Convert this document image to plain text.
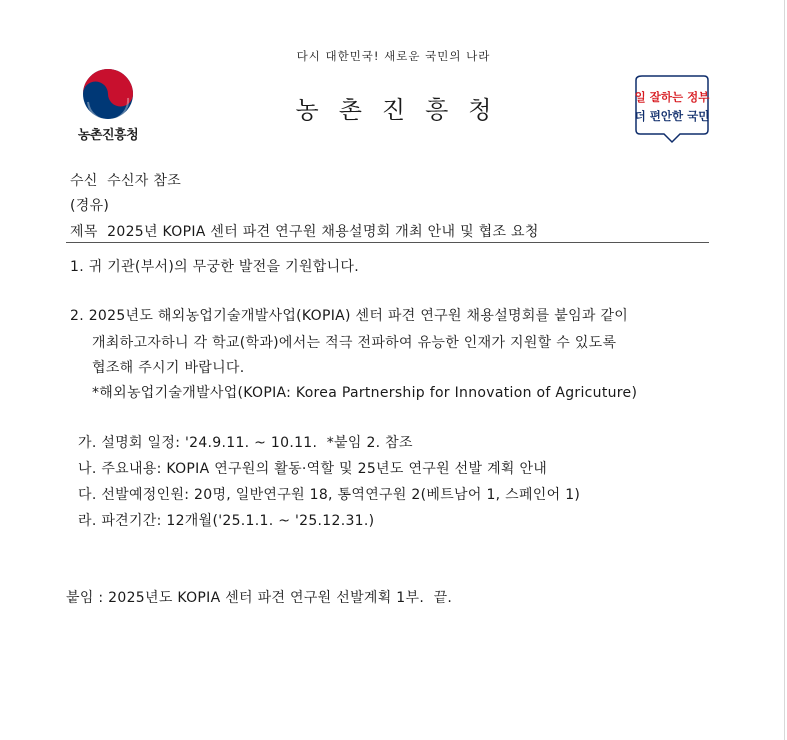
다시 대한민국! 새로운 국민의 나라
농촌진흥청
농 촌 진 흥 청	일 잘하는 정부
더 편안한 국민
수신  수신자 참조
(경유)
제목  2025년 KOPIA 센터 파견 연구원 채용설명회 개최 안내 및 협조 요청
1. 귀 기관(부서)의 무궁한 발전을 기원합니다.
2. 2025년도 해외농업기술개발사업(KOPIA) 센터 파견 연구원 채용설명회를 붙임과 같이
개최하고자하니 각 학교(학과)에서는 적극 전파하여 유능한 인재가 지원할 수 있도록
협조해 주시기 바랍니다.
*해외농업기술개발사업(KOPIA: Korea Partnership for Innovation of Agricuture)
가. 설명회 일정: '24.9.11. ~ 10.11.  *붙임 2. 참조
나. 주요내용: KOPIA 연구원의 활동·역할 및 25년도 연구원 선발 계획 안내
다. 선발예정인원: 20명, 일반연구원 18, 통역연구원 2(베트남어 1, 스페인어 1)
라. 파견기간: 12개월('25.1.1. ~ '25.12.31.)
붙임 : 2025년도 KOPIA 센터 파견 연구원 선발계획 1부.  끝.
